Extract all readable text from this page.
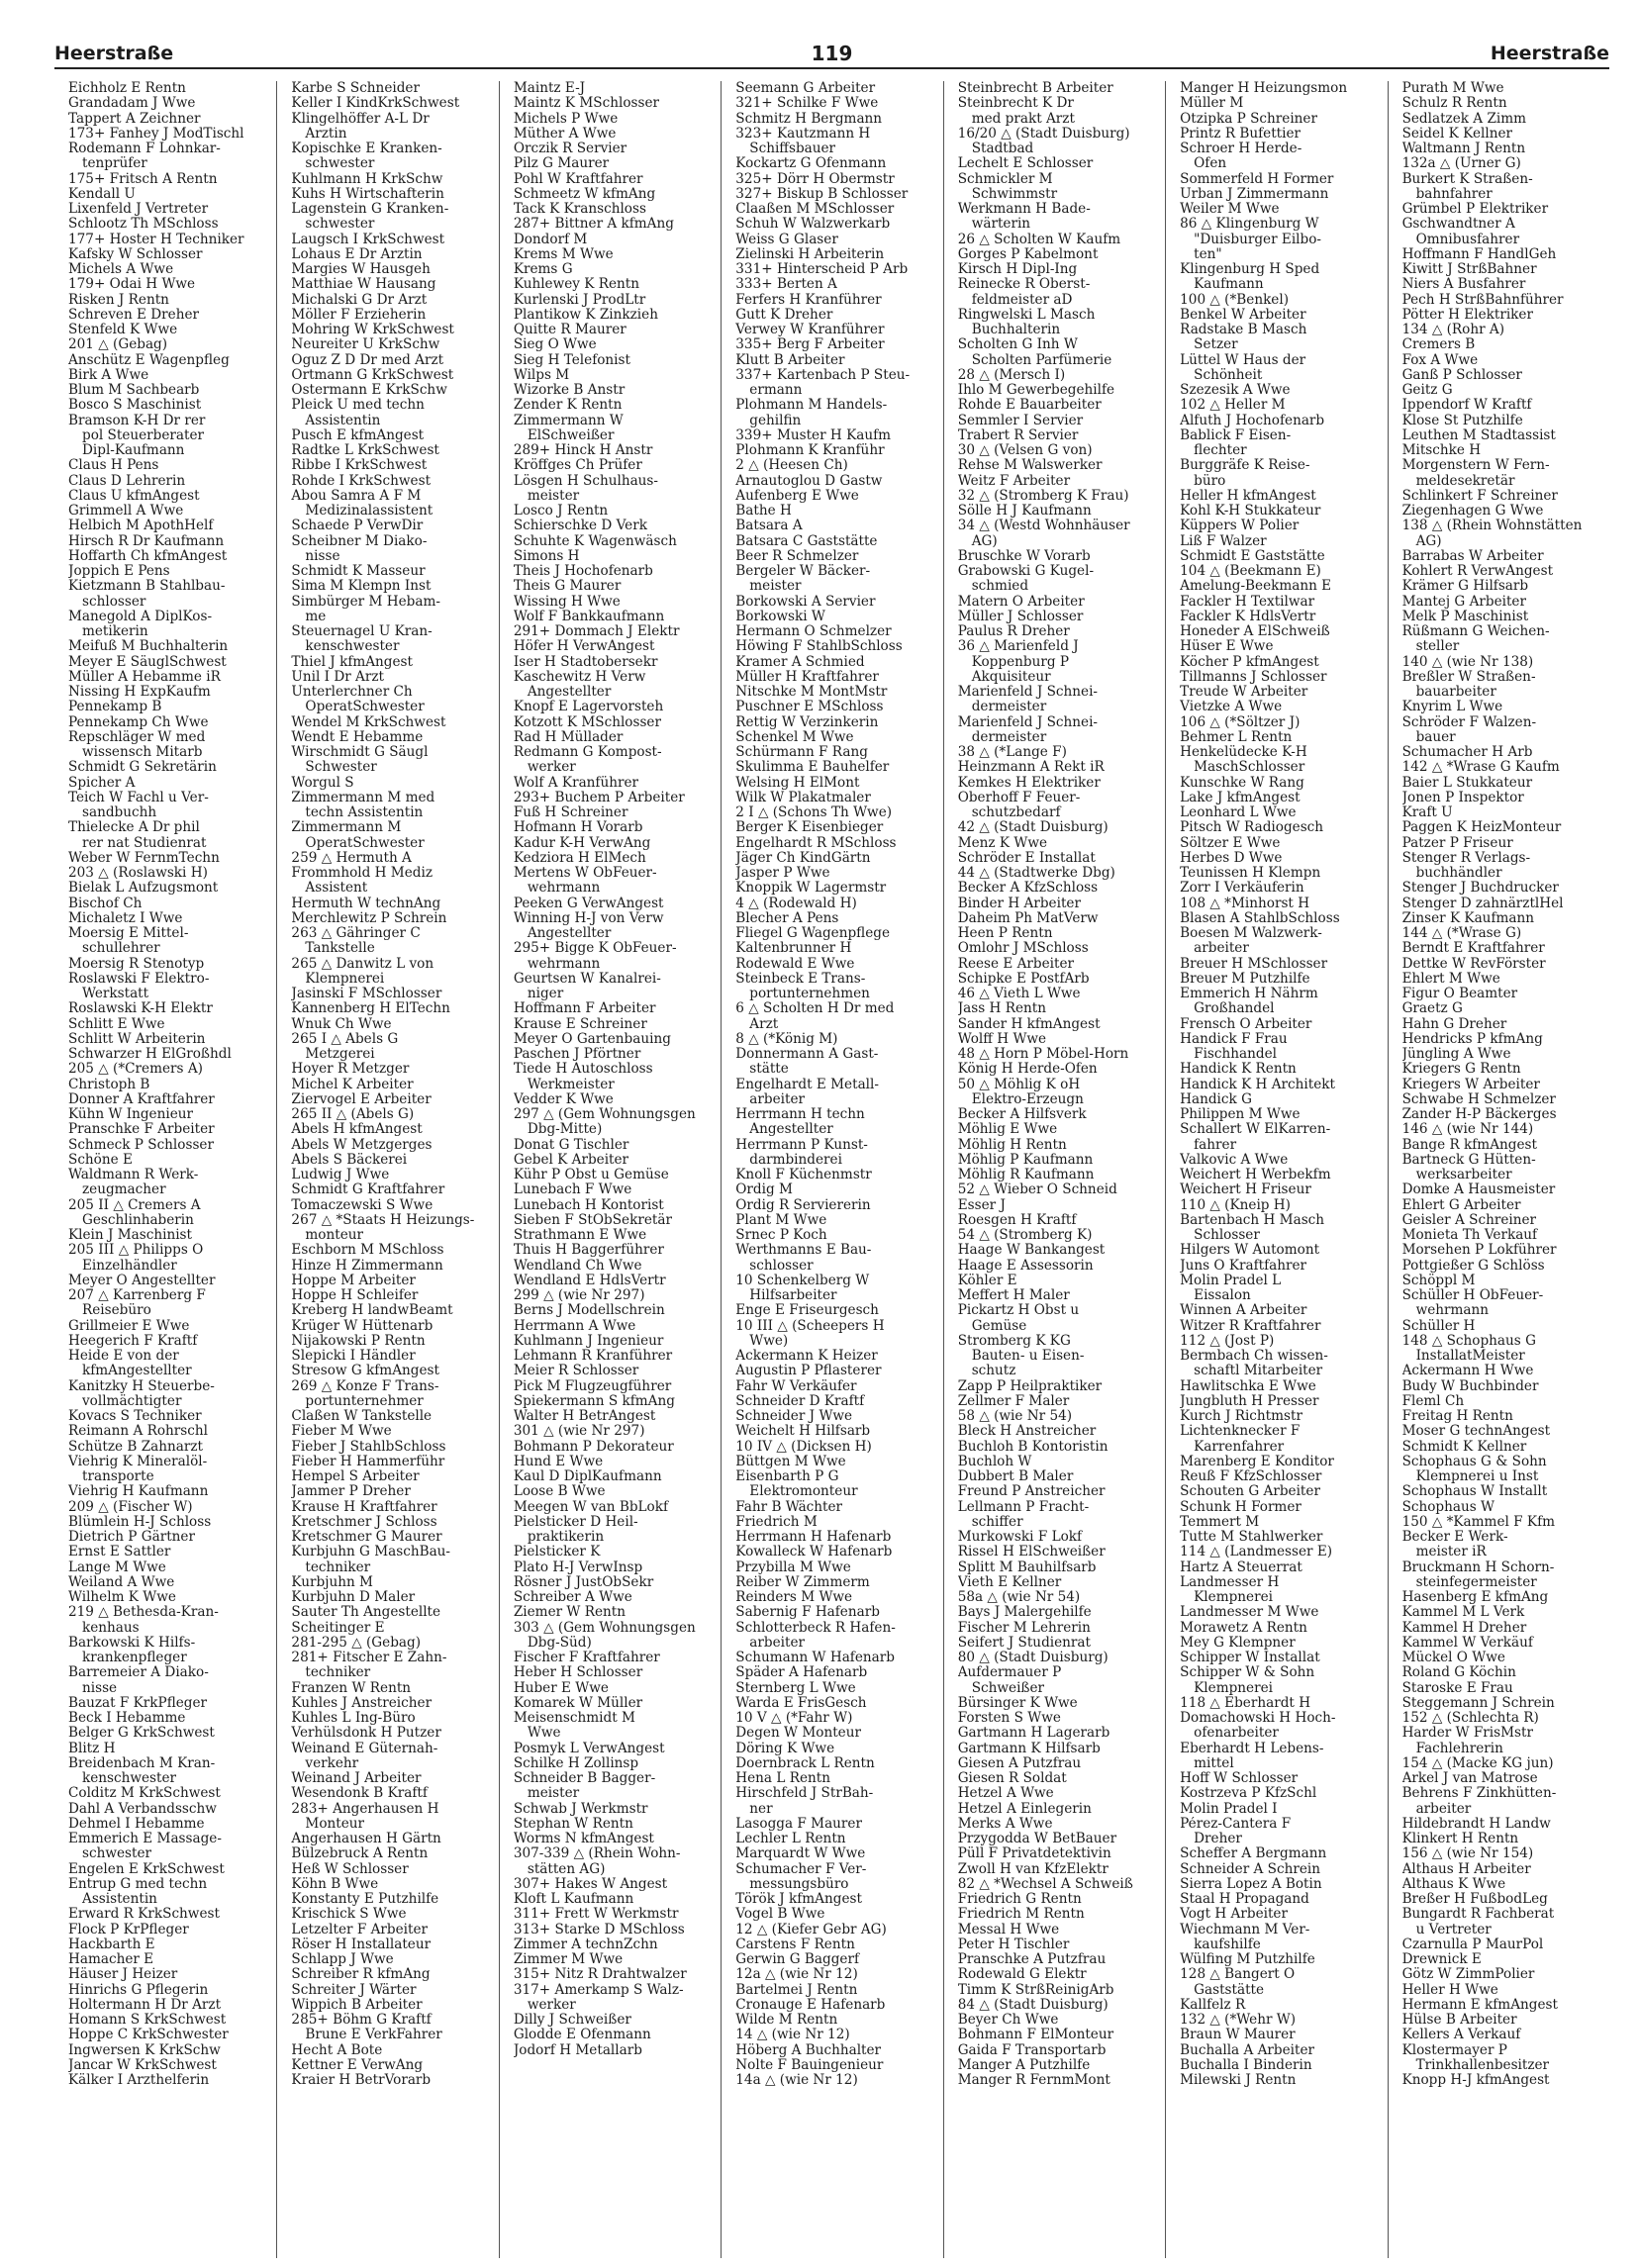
Heerstraße	119	Heerstraße
Eichholz E Rentn
Grandadam J Wwe
Tappert A Zeichner
173+ Fanhey J ModTischl
Rodemann F Lohnkar-
tenprüfer
175+ Fritsch A Rentn
Kendall U
Lixenfeld J Vertreter
Schlootz Th MSchloss
177+ Hoster H Techniker
Kafsky W Schlosser
Michels A Wwe
179+ Odai H Wwe
Risken J Rentn
Schreven E Dreher
Stenfeld K Wwe
201 △ (Gebag)
Anschütz E Wagenpfleg
Birk A Wwe
Blum M Sachbearb
Bosco S Maschinist
Bramson K-H Dr rer
pol Steuerberater
Dipl-Kaufmann
Claus H Pens
Claus D Lehrerin
Claus U kfmAngest
Grimmell A Wwe
Helbich M ApothHelf
Hirsch R Dr Kaufmann
Hoffarth Ch kfmAngest
Joppich E Pens
Kietzmann B Stahlbau-
schlosser
Manegold A DiplKos-
metikerin
Meifuß M Buchhalterin
Meyer E SäuglSchwest
Müller A Hebamme iR
Nissing H ExpKaufm
Pennekamp B
Pennekamp Ch Wwe
Repschläger W med
wissensch Mitarb
Schmidt G Sekretärin
Spicher A
Teich W Fachl u Ver-
sandbuchh
Thielecke A Dr phil
rer nat Studienrat
Weber W FernmTechn
203 △ (Roslawski H)
Bielak L Aufzugsmont
Bischof Ch
Michaletz I Wwe
Moersig E Mittel-
schullehrer
Moersig R Stenotyp
Roslawski F Elektro-
Werkstatt
Roslawski K-H Elektr
Schlitt E Wwe
Schlitt W Arbeiterin
Schwarzer H ElGroßhdl
205 △ (*Cremers A)
Christoph B
Donner A Kraftfahrer
Kühn W Ingenieur
Pranschke F Arbeiter
Schmeck P Schlosser
Schöne E
Waldmann R Werk-
zeugmacher
205 II △ Cremers A
Geschlinhaberin
Klein J Maschinist
205 III △ Philipps O
Einzelhändler
Meyer O Angestellter
207 △ Karrenberg F
Reisebüro
Grillmeier E Wwe
Heegerich F Kraftf
Heide E von der
kfmAngestellter
Kanitzky H Steuerbe-
vollmächtigter
Kovacs S Techniker
Reimann A Rohrschl
Schütze B Zahnarzt
Viehrig K Mineralöl-
transporte
Viehrig H Kaufmann
209 △ (Fischer W)
Blümlein H-J Schloss
Dietrich P Gärtner
Ernst E Sattler
Lange M Wwe
Weiland A Wwe
Wilhelm K Wwe
219 △ Bethesda-Kran-
kenhaus
Barkowski K Hilfs-
krankenpfleger
Barremeier A Diako-
nisse
Bauzat F KrkPfleger
Beck I Hebamme
Belger G KrkSchwest
Blitz H
Breidenbach M Kran-
kenschwester
Colditz M KrkSchwest
Dahl A Verbandsschw
Dehmel I Hebamme
Emmerich E Massage-
schwester
Engelen E KrkSchwest
Entrup G med techn
Assistentin
Erward R KrkSchwest
Flock P KrPfleger
Hackbarth E
Hamacher E
Häuser J Heizer
Hinrichs G Pflegerin
Holtermann H Dr Arzt
Homann S KrkSchwest
Hoppe C KrkSchwester
Ingwersen K KrkSchw
Jancar W KrkSchwest
Kälker I Arzthelferin
Karbe S Schneider
Keller I KindKrkSchwest
Klingelhöffer A-L Dr
Ärztin
Kopischke E Kranken-
schwester
Kuhlmann H KrkSchw
Kuhs H Wirtschafterin
Lagenstein G Kranken-
schwester
Laugsch I KrkSchwest
Lohaus E Dr Ärztin
Margies W Hausgeh
Matthiae W Hausang
Michalski G Dr Arzt
Möller F Erzieherin
Mohring W KrkSchwest
Neureiter U KrkSchw
Oguz Z D Dr med Arzt
Ortmann G KrkSchwest
Ostermann E KrkSchw
Pleick U med techn
Assistentin
Pusch E kfmAngest
Radtke L KrkSchwest
Ribbe I KrkSchwest
Rohde I KrkSchwest
Abou Samra A F M
Medizinalassistent
Schaede P VerwDir
Scheibner M Diako-
nisse
Schmidt K Masseur
Sima M Klempn Inst
Simbürger M Hebam-
me
Steuernagel U Kran-
kenschwester
Thiel J kfmAngest
Unil I Dr Arzt
Unterlerchner Ch
OperatSchwester
Wendel M KrkSchwest
Wendt E Hebamme
Wirschmidt G Säugl
Schwester
Worgul S
Zimmermann M med
techn Assistentin
Zimmermann M
OperatSchwester
259 △ Hermuth A
Frommhold H Mediz
Assistent
Hermuth W technAng
Merchlewitz P Schrein
263 △ Gähringer C
Tankstelle
265 △ Danwitz L von
Klempnerei
Jasinski F MSchlosser
Kannenberg H ElTechn
Wnuk Ch Wwe
265 I △ Abels G
Metzgerei
Hoyer R Metzger
Michel K Arbeiter
Ziervogel E Arbeiter
265 II △ (Abels G)
Abels H kfmAngest
Abels W Metzgerges
Abels S Bäckerei
Ludwig J Wwe
Schmidt G Kraftfahrer
Tomaczewski S Wwe
267 △ *Staats H Heizungs-
monteur
Eschborn M MSchloss
Hinze H Zimmermann
Hoppe M Arbeiter
Hoppe H Schleifer
Kreberg H landwBeamt
Krüger W Hüttenarb
Nijakowski P Rentn
Slepicki I Händler
Stresow G kfmAngest
269 △ Konze F Trans-
portunternehmer
Claßen W Tankstelle
Fieber M Wwe
Fieber J StahlbSchloss
Fieber H Hammerführ
Hempel S Arbeiter
Jammer P Dreher
Krause H Kraftfahrer
Kretschmer J Schloss
Kretschmer G Maurer
Kurbjuhn G MaschBau-
techniker
Kurbjuhn M
Kurbjuhn D Maler
Sauter Th Angestellte
Scheitinger E
281-295 △ (Gebag)
281+ Fitscher E Zahn-
techniker
Franzen W Rentn
Kuhles J Anstreicher
Kuhles L Ing-Büro
Verhülsdonk H Putzer
Weinand E Güternah-
verkehr
Weinand J Arbeiter
Wesendonk B Kraftf
283+ Angerhausen H
Monteur
Angerhausen H Gärtn
Bülzebruck A Rentn
Heß W Schlosser
Köhn B Wwe
Konstanty E Putzhilfe
Krischick S Wwe
Letzelter F Arbeiter
Röser H Installateur
Schlapp J Wwe
Schreiber R kfmAng
Schreiter J Wärter
Wippich B Arbeiter
285+ Böhm G Kraftf
Brune E VerkFahrer
Hecht A Bote
Kettner E VerwAng
Kraier H BetrVorarb
Maintz E-J
Maintz K MSchlosser
Michels P Wwe
Müther A Wwe
Orczik R Servier
Pilz G Maurer
Pohl W Kraftfahrer
Schmeetz W kfmAng
Tack K Kranschloss
287+ Bittner A kfmAng
Dondorf M
Krems M Wwe
Krems G
Kuhlewey K Rentn
Kurlenski J ProdLtr
Plantikow K Zinkzieh
Quitte R Maurer
Sieg O Wwe
Sieg H Telefonist
Wilps M
Wizorke B Anstr
Zender K Rentn
Zimmermann W
ElSchweißer
289+ Hinck H Anstr
Kröffges Ch Prüfer
Lösgen H Schulhaus-
meister
Losco J Rentn
Schierschke D Verk
Schuhte K Wagenwäsch
Simons H
Theis J Hochofenarb
Theis G Maurer
Wissing H Wwe
Wolf F Bankkaufmann
291+ Dommach J Elektr
Höfer H VerwAngest
Iser H Stadtobersekr
Kaschewitz H Verw
Angestellter
Knopf E Lagervorsteh
Kotzott K MSchlosser
Rad H Müllader
Redmann G Kompost-
werker
Wolf A Kranführer
293+ Buchem P Arbeiter
Fuß H Schreiner
Hofmann H Vorarb
Kadur K-H VerwAng
Kedziora H ElMech
Mertens W ObFeuer-
wehrmann
Peeken G VerwAngest
Winning H-J von Verw
Angestellter
295+ Bigge K ObFeuer-
wehrmann
Geurtsen W Kanalrei-
niger
Hoffmann F Arbeiter
Krause E Schreiner
Meyer O Gartenbauing
Paschen J Pförtner
Tiede H Autoschloss
Werkmeister
Vedder K Wwe
297 △ (Gem Wohnungsgen
Dbg-Mitte)
Donat G Tischler
Gebel K Arbeiter
Kühr P Obst u Gemüse
Lunebach F Wwe
Lunebach H Kontorist
Sieben F StObSekretär
Strathmann E Wwe
Thuis H Baggerführer
Wendland Ch Wwe
Wendland E HdlsVertr
299 △ (wie Nr 297)
Berns J Modellschrein
Herrmann A Wwe
Kuhlmann J Ingenieur
Lehmann R Kranführer
Meier R Schlosser
Pick M Flugzeugführer
Spiekermann S kfmAng
Walter H BetrAngest
301 △ (wie Nr 297)
Bohmann P Dekorateur
Hund E Wwe
Kaul D DiplKaufmann
Loose B Wwe
Meegen W van BbLokf
Pielsticker D Heil-
praktikerin
Pielsticker K
Plato H-J VerwInsp
Rösner J JustObSekr
Schreiber A Wwe
Ziemer W Rentn
303 △ (Gem Wohnungsgen
Dbg-Süd)
Fischer F Kraftfahrer
Heber H Schlosser
Huber E Wwe
Komarek W Müller
Meisenschmidt M
Wwe
Posmyk L VerwAngest
Schilke H Zollinsp
Schneider B Bagger-
meister
Schwab J Werkmstr
Stephan W Rentn
Worms N kfmAngest
307-339 △ (Rhein Wohn-
stätten AG)
307+ Hakes W Angest
Kloft L Kaufmann
311+ Frett W Werkmstr
313+ Starke D MSchloss
Zimmer A technZchn
Zimmer M Wwe
315+ Nitz R Drahtwalzer
317+ Amerkamp S Walz-
werker
Dilly J Schweißer
Glodde E Ofenmann
Jodorf H Metallarb
Seemann G Arbeiter
321+ Schilke F Wwe
Schmitz H Bergmann
323+ Kautzmann H
Schiffsbauer
Kockartz G Ofenmann
325+ Dörr H Obermstr
327+ Biskup B Schlosser
Claaßen M MSchlosser
Schuh W Walzwerkarb
Weiss G Glaser
Zielinski H Arbeiterin
331+ Hinterscheid P Arb
333+ Berten A
Ferfers H Kranführer
Gutt K Dreher
Verwey W Kranführer
335+ Berg F Arbeiter
Klutt B Arbeiter
337+ Kartenbach P Steu-
ermann
Plohmann M Handels-
gehilfin
339+ Muster H Kaufm
Plohmann K Kranführ
2 △ (Heesen Ch)
Arnautoglou D Gastw
Aufenberg E Wwe
Bathe H
Batsara A
Batsara C Gaststätte
Beer R Schmelzer
Bergeler W Bäcker-
meister
Borkowski A Servier
Borkowski W
Hermann O Schmelzer
Höwing F StahlbSchloss
Kramer A Schmied
Müller H Kraftfahrer
Nitschke M MontMstr
Puschner E MSchloss
Rettig W Verzinkerin
Schenkel M Wwe
Schürmann F Rang
Skulimma E Bauhelfer
Welsing H ElMont
Wilk W Plakatmaler
2 I △ (Schons Th Wwe)
Berger K Eisenbieger
Engelhardt R MSchloss
Jäger Ch KindGärtn
Jasper P Wwe
Knoppik W Lagermstr
4 △ (Rodewald H)
Blecher A Pens
Fliegel G Wagenpflege
Kaltenbrunner H
Rodewald E Wwe
Steinbeck E Trans-
portunternehmen
6 △ Scholten H Dr med
Arzt
8 △ (*König M)
Donnermann A Gast-
stätte
Engelhardt E Metall-
arbeiter
Herrmann H techn
Angestellter
Herrmann P Kunst-
darmbinderei
Knoll F Küchenmstr
Ordig M
Ordig R Serviererin
Plant M Wwe
Srnec P Koch
Werthmanns E Bau-
schlosser
10 Schenkelberg W
Hilfsarbeiter
Enge E Friseurgesch
10 III △ (Scheepers H
Wwe)
Ackermann K Heizer
Augustin P Pflasterer
Fahr W Verkäufer
Schneider D Kraftf
Schneider J Wwe
Weichelt H Hilfsarb
10 IV △ (Dicksen H)
Büttgen M Wwe
Eisenbarth P G
Elektromonteur
Fahr B Wächter
Friedrich M
Herrmann H Hafenarb
Kowalleck W Hafenarb
Przybilla M Wwe
Reiber W Zimmerm
Reinders M Wwe
Sabernig F Hafenarb
Schlotterbeck R Hafen-
arbeiter
Schumann W Hafenarb
Späder A Hafenarb
Sternberg L Wwe
Warda E FrisGesch
10 V △ (*Fahr W)
Degen W Monteur
Döring K Wwe
Doernbrack L Rentn
Hena L Rentn
Hirschfeld J StrBah-
ner
Lasogga F Maurer
Lechler L Rentn
Marquardt W Wwe
Schumacher F Ver-
messungsbüro
Török J kfmAngest
Vogel B Wwe
12 △ (Kiefer Gebr AG)
Carstens F Rentn
Gerwin G Baggerf
12a △ (wie Nr 12)
Bartelmei J Rentn
Cronauge E Hafenarb
Wilde M Rentn
14 △ (wie Nr 12)
Höberg A Buchhalter
Nolte F Bauingenieur
14a △ (wie Nr 12)
Steinbrecht B Arbeiter
Steinbrecht K Dr
med prakt Arzt
16/20 △ (Stadt Duisburg)
Stadtbad
Lechelt E Schlosser
Schmickler M
Schwimmstr
Werkmann H Bade-
wärterin
26 △ Scholten W Kaufm
Gorges P Kabelmont
Kirsch H Dipl-Ing
Reinecke R Oberst-
feldmeister aD
Ringwelski L Masch
Buchhalterin
Scholten G Inh W
Scholten Parfümerie
28 △ (Mersch I)
Ihlo M Gewerbegehilfe
Rohde E Bauarbeiter
Semmler I Servier
Trabert R Servier
30 △ (Velsen G von)
Rehse M Walswerker
Weitz F Arbeiter
32 △ (Stromberg K Frau)
Sölle H J Kaufmann
34 △ (Westd Wohnhäuser
AG)
Bruschke W Vorarb
Grabowski G Kugel-
schmied
Matern O Arbeiter
Müller J Schlosser
Paulus R Dreher
36 △ Marienfeld J
Koppenburg P
Akquisiteur
Marienfeld J Schnei-
dermeister
Marienfeld J Schnei-
dermeister
38 △ (*Lange F)
Heinzmann A Rekt iR
Kemkes H Elektriker
Oberhoff F Feuer-
schutzbedarf
42 △ (Stadt Duisburg)
Menz K Wwe
Schröder E Installat
44 △ (Stadtwerke Dbg)
Becker A KfzSchloss
Binder H Arbeiter
Daheim Ph MatVerw
Heen P Rentn
Omlohr J MSchloss
Reese E Arbeiter
Schipke E PostfArb
46 △ Vieth L Wwe
Jass H Rentn
Sander H kfmAngest
Wolff H Wwe
48 △ Horn P Möbel-Horn
König H Herde-Öfen
50 △ Möhlig K oH
Elektro-Erzeugn
Becker A Hilfsverk
Möhlig E Wwe
Möhlig H Rentn
Möhlig P Kaufmann
Möhlig R Kaufmann
52 △ Wieber O Schneid
Esser J
Roesgen H Kraftf
54 △ (Stromberg K)
Haage W Bankangest
Haage E Assessorin
Köhler E
Meffert H Maler
Pickartz H Obst u
Gemüse
Stromberg K KG
Bauten- u Eisen-
schutz
Zapp P Heilpraktiker
Zellmer F Maler
58 △ (wie Nr 54)
Bleck H Anstreicher
Buchloh B Kontoristin
Buchloh W
Dubbert B Maler
Freund P Anstreicher
Lellmann P Fracht-
schiffer
Murkowski F Lokf
Rissel H ElSchweißer
Splitt M Bauhilfsarb
Vieth E Kellner
58a △ (wie Nr 54)
Bays J Malergehilfe
Fischer M Lehrerin
Seifert J Studienrat
80 △ (Stadt Duisburg)
Aufdermauer P
Schweißer
Bürsinger K Wwe
Forsten S Wwe
Gartmann H Lagerarb
Gartmann K Hilfsarb
Giesen A Putzfrau
Giesen R Soldat
Hetzel A Wwe
Hetzel A Einlegerin
Merks A Wwe
Przygodda W BetBauer
Püll F Privatdetektivin
Zwoll H van KfzElektr
82 △ *Wechsel A Schweiß
Friedrich G Rentn
Friedrich M Rentn
Messal H Wwe
Peter H Tischler
Pranschke A Putzfrau
Rodewald G Elektr
Timm K StrßReinigArb
84 △ (Stadt Duisburg)
Beyer Ch Wwe
Bohmann F ElMonteur
Gaida F Transportarb
Manger A Putzhilfe
Manger R FernmMont
Manger H Heizungsmon
Müller M
Otzipka P Schreiner
Printz R Bufettier
Schroer H Herde-
Öfen
Sommerfeld H Former
Urban J Zimmermann
Weiler M Wwe
86 △ Klingenburg W
"Duisburger Eilbo-
ten"
Klingenburg H Sped
Kaufmann
100 △ (*Benkel)
Benkel W Arbeiter
Radstake B Masch
Setzer
Lüttel W Haus der
Schönheit
Szezesik A Wwe
102 △ Heller M
Alfuth J Hochofenarb
Bablick F Eisen-
flechter
Burggräfe K Reise-
büro
Heller H kfmAngest
Kohl K-H Stukkateur
Küppers W Polier
Liß F Walzer
Schmidt E Gaststätte
104 △ (Beekmann E)
Amelung-Beekmann E
Fackler H Textilwar
Fackler K HdlsVertr
Honeder A ElSchweiß
Hüser E Wwe
Köcher P kfmAngest
Tillmanns J Schlosser
Treude W Arbeiter
Vietzke A Wwe
106 △ (*Söltzer J)
Behmer L Rentn
Henkelüdecke K-H
MaschSchlosser
Kunschke W Rang
Lake J kfmAngest
Leonhard L Wwe
Pitsch W Radiogesch
Söltzer E Wwe
Herbes D Wwe
Teunissen H Klempn
Zorr I Verkäuferin
108 △ *Minhorst H
Blasen A StahlbSchloss
Boesen M Walzwerk-
arbeiter
Breuer H MSchlosser
Breuer M Putzhilfe
Emmerich H Nährm
Großhandel
Frensch O Arbeiter
Handick F Frau
Fischhandel
Handick K Rentn
Handick K H Architekt
Handick G
Philippen M Wwe
Schallert W ElKarren-
fahrer
Valkovic A Wwe
Weichert H Werbekfm
Weichert H Friseur
110 △ (Kneip H)
Bartenbach H Masch
Schlosser
Hilgers W Automont
Juns O Kraftfahrer
Molin Pradel L
Eissalon
Winnen A Arbeiter
Witzer R Kraftfahrer
112 △ (Jost P)
Bermbach Ch wissen-
schaftl Mitarbeiter
Hawlitschka E Wwe
Jungbluth H Presser
Kurch J Richtmstr
Lichtenknecker F
Karrenfahrer
Marenberg E Konditor
Reuß F KfzSchlosser
Schouten G Arbeiter
Schunk H Former
Temmert M
Tutte M Stahlwerker
114 △ (Landmesser E)
Hartz A Steuerrat
Landmesser H
Klempnerei
Landmesser M Wwe
Morawetz A Rentn
Mey G Klempner
Schipper W Installat
Schipper W & Sohn
Klempnerei
118 △ Eberhardt H
Domachowski H Hoch-
ofenarbeiter
Eberhardt H Lebens-
mittel
Hoff W Schlosser
Kostrzeva P KfzSchl
Molin Pradel I
Pérez-Cantera F
Dreher
Scheffer A Bergmann
Schneider A Schrein
Sierra Lopez A Botin
Staal H Propagand
Vogt H Arbeiter
Wiechmann M Ver-
kaufshilfe
Wülfing M Putzhilfe
128 △ Bangert O
Gaststätte
Kallfelz R
132 △ (*Wehr W)
Braun W Maurer
Buchalla A Arbeiter
Buchalla I Binderin
Milewski J Rentn
Purath M Wwe
Schulz R Rentn
Sedlatzek A Zimm
Seidel K Kellner
Waltmann J Rentn
132a △ (Urner G)
Burkert K Straßen-
bahnfahrer
Grümbel P Elektriker
Gschwandtner A
Omnibusfahrer
Hoffmann F HandlGeh
Kiwitt J StrßBahner
Niers A Busfahrer
Pech H StrßBahnführer
Pötter H Elektriker
134 △ (Rohr A)
Cremers B
Fox A Wwe
Ganß P Schlosser
Geitz G
Ippendorf W Kraftf
Klose St Putzhilfe
Leuthen M Stadtassist
Mitschke H
Morgenstern W Fern-
meldesekretär
Schlinkert F Schreiner
Ziegenhagen G Wwe
138 △ (Rhein Wohnstätten
AG)
Barrabas W Arbeiter
Kohlert R VerwAngest
Krämer G Hilfsarb
Mantej G Arbeiter
Melk P Maschinist
Rüßmann G Weichen-
steller
140 △ (wie Nr 138)
Breßler W Straßen-
bauarbeiter
Knyrim L Wwe
Schröder F Walzen-
bauer
Schumacher H Arb
142 △ *Wrase G Kaufm
Baier L Stukkateur
Jonen P Inspektor
Kraft U
Paggen K HeizMonteur
Patzer P Friseur
Stenger R Verlags-
buchhändler
Stenger J Buchdrucker
Stenger D zahnärztlHel
Zinser K Kaufmann
144 △ (*Wrase G)
Berndt E Kraftfahrer
Dettke W RevFörster
Ehlert M Wwe
Figur O Beamter
Graetz G
Hahn G Dreher
Hendricks P kfmAng
Jüngling A Wwe
Kriegers G Rentn
Kriegers W Arbeiter
Schwabe H Schmelzer
Zander H-P Bäckerges
146 △ (wie Nr 144)
Bange R kfmAngest
Bartneck G Hütten-
werksarbeiter
Domke A Hausmeister
Ehlert G Arbeiter
Geisler A Schreiner
Monieta Th Verkauf
Morsehen P Lokführer
Pottgießer G Schlöss
Schöppl M
Schüller H ObFeuer-
wehrmann
Schüller H
148 △ Schophaus G
InstallatMeister
Ackermann H Wwe
Budy W Buchbinder
Fleml Ch
Freitag H Rentn
Moser G technAngest
Schmidt K Kellner
Schophaus G & Sohn
Klempnerei u Inst
Schophaus W Installt
Schophaus W
150 △ *Kammel F Kfm
Becker E Werk-
meister iR
Bruckmann H Schorn-
steinfegermeister
Hasenberg E kfmAng
Kammel M L Verk
Kammel H Dreher
Kammel W Verkäuf
Mückel O Wwe
Roland G Köchin
Staroske E Frau
Steggemann J Schrein
152 △ (Schlechta R)
Harder W FrisMstr
Fachlehrerin
154 △ (Macke KG jun)
Arkel J van Matrose
Behrens F Zinkhütten-
arbeiter
Hildebrandt H Landw
Klinkert H Rentn
156 △ (wie Nr 154)
Althaus H Arbeiter
Althaus K Wwe
Breßer H FußbodLeg
Bungardt R Fachberat
u Vertreter
Czarnulla P MaurPol
Drewnick E
Götz W ZimmPolier
Heller H Wwe
Hermann E kfmAngest
Hülse B Arbeiter
Kellers A Verkauf
Klostermayer P
Trinkhallenbesitzer
Knopp H-J kfmAngest
